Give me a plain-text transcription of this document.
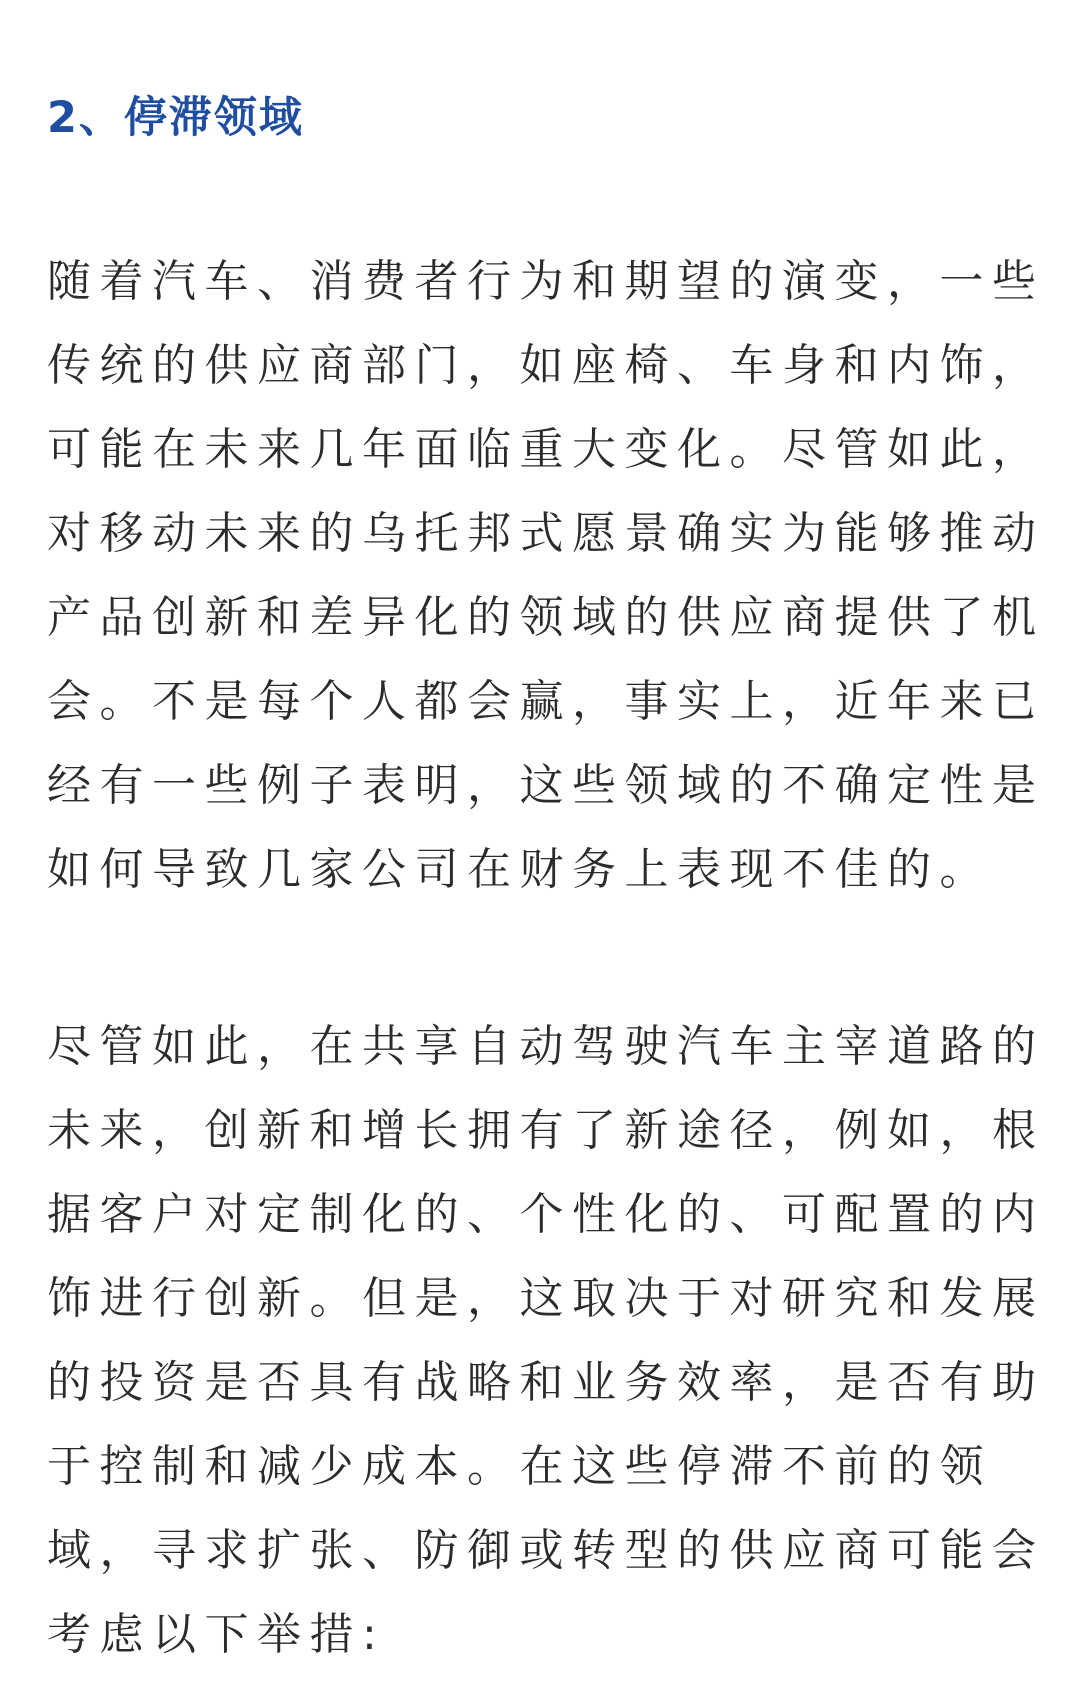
2、停滞领域
随着汽车、消费者行为和期望的演变，一些
传统的供应商部门，如座椅、车身和内饰，
可能在未来几年面临重大变化。尽管如此，
对移动未来的乌托邦式愿景确实为能够推动
产品创新和差异化的领域的供应商提供了机
会。不是每个人都会赢，事实上，近年来已
经有一些例子表明，这些领域的不确定性是
如何导致几家公司在财务上表现不佳的。
尽管如此，在共享自动驾驶汽车主宰道路的
未来，创新和增长拥有了新途径，例如，根
据客户对定制化的、个性化的、可配置的内
饰进行创新。但是，这取决于对研究和发展
的投资是否具有战略和业务效率，是否有助
于控制和减少成本。在这些停滞不前的领
域，寻求扩张、防御或转型的供应商可能会
考虑以下举措:
